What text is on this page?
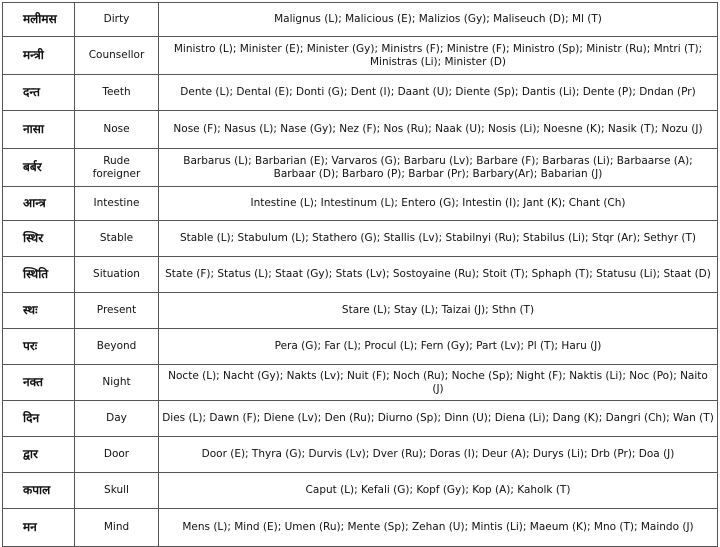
मलीमस	Dirty	Malignus (L); Malicious (E); Malizios (Gy); Maliseuch (D); Ml (T)
मन्त्री	Counsellor	Ministro (L); Minister (E); Minister (Gy); Ministrs (F); Ministre (F); Ministro (Sp); Ministr (Ru); Mntri (T); Ministras (Li); Minister (D)
दन्त	Teeth	Dente (L); Dental (E); Donti (G); Dent (I); Daant (U); Diente (Sp); Dantis (Li); Dente (P); Dndan (Pr)
नासा	Nose	Nose (F); Nasus (L); Nase (Gy); Nez (F); Nos (Ru); Naak (U); Nosis (Li); Noesne (K); Nasik (T); Nozu (J)
बर्बर	Rude foreigner	Barbarus (L); Barbarian (E); Varvaros (G); Barbaru (Lv); Barbare (F); Barbaras (Li); Barbaarse (A); Barbaar (D); Barbaro (P); Barbar (Pr); Barbary(Ar); Babarian (J)
आन्त्र	Intestine	Intestine (L); Intestinum (L); Entero (G); Intestin (I); Jant (K); Chant (Ch)
स्थिर	Stable	Stable (L); Stabulum (L); Stathero (G); Stallis (Lv); Stabilnyi (Ru); Stabilus (Li); Stqr (Ar); Sethyr (T)
स्थिति	Situation	State (F); Status (L); Staat (Gy); Stats (Lv); Sostoyaine (Ru); Stoit (T); Sphaph (T); Statusu (Li); Staat (D)
स्थः	Present	Stare (L); Stay (L); Taizai (J); Sthn (T)
परः	Beyond	Pera (G); Far (L); Procul (L); Fern (Gy); Part (Lv); Pl (T); Haru (J)
नक्त	Night	Nocte (L); Nacht (Gy); Nakts (Lv); Nuit (F); Noch (Ru); Noche (Sp); Night (F); Naktis (Li); Noc (Po); Naito (J)
दिन	Day	Dies (L); Dawn (F); Diene (Lv); Den (Ru); Diurno (Sp); Dinn (U); Diena (Li); Dang (K); Dangri (Ch); Wan (T)
द्वार	Door	Door (E); Thyra (G); Durvis (Lv); Dver (Ru); Doras (I); Deur (A); Durys (Li); Drb (Pr); Doa (J)
कपाल	Skull	Caput (L); Kefali (G); Kopf (Gy); Kop (A); Kaholk (T)
मन	Mind	Mens (L); Mind (E); Umen (Ru); Mente (Sp); Zehan (U); Mintis (Li); Maeum (K); Mno (T); Maindo (J)
